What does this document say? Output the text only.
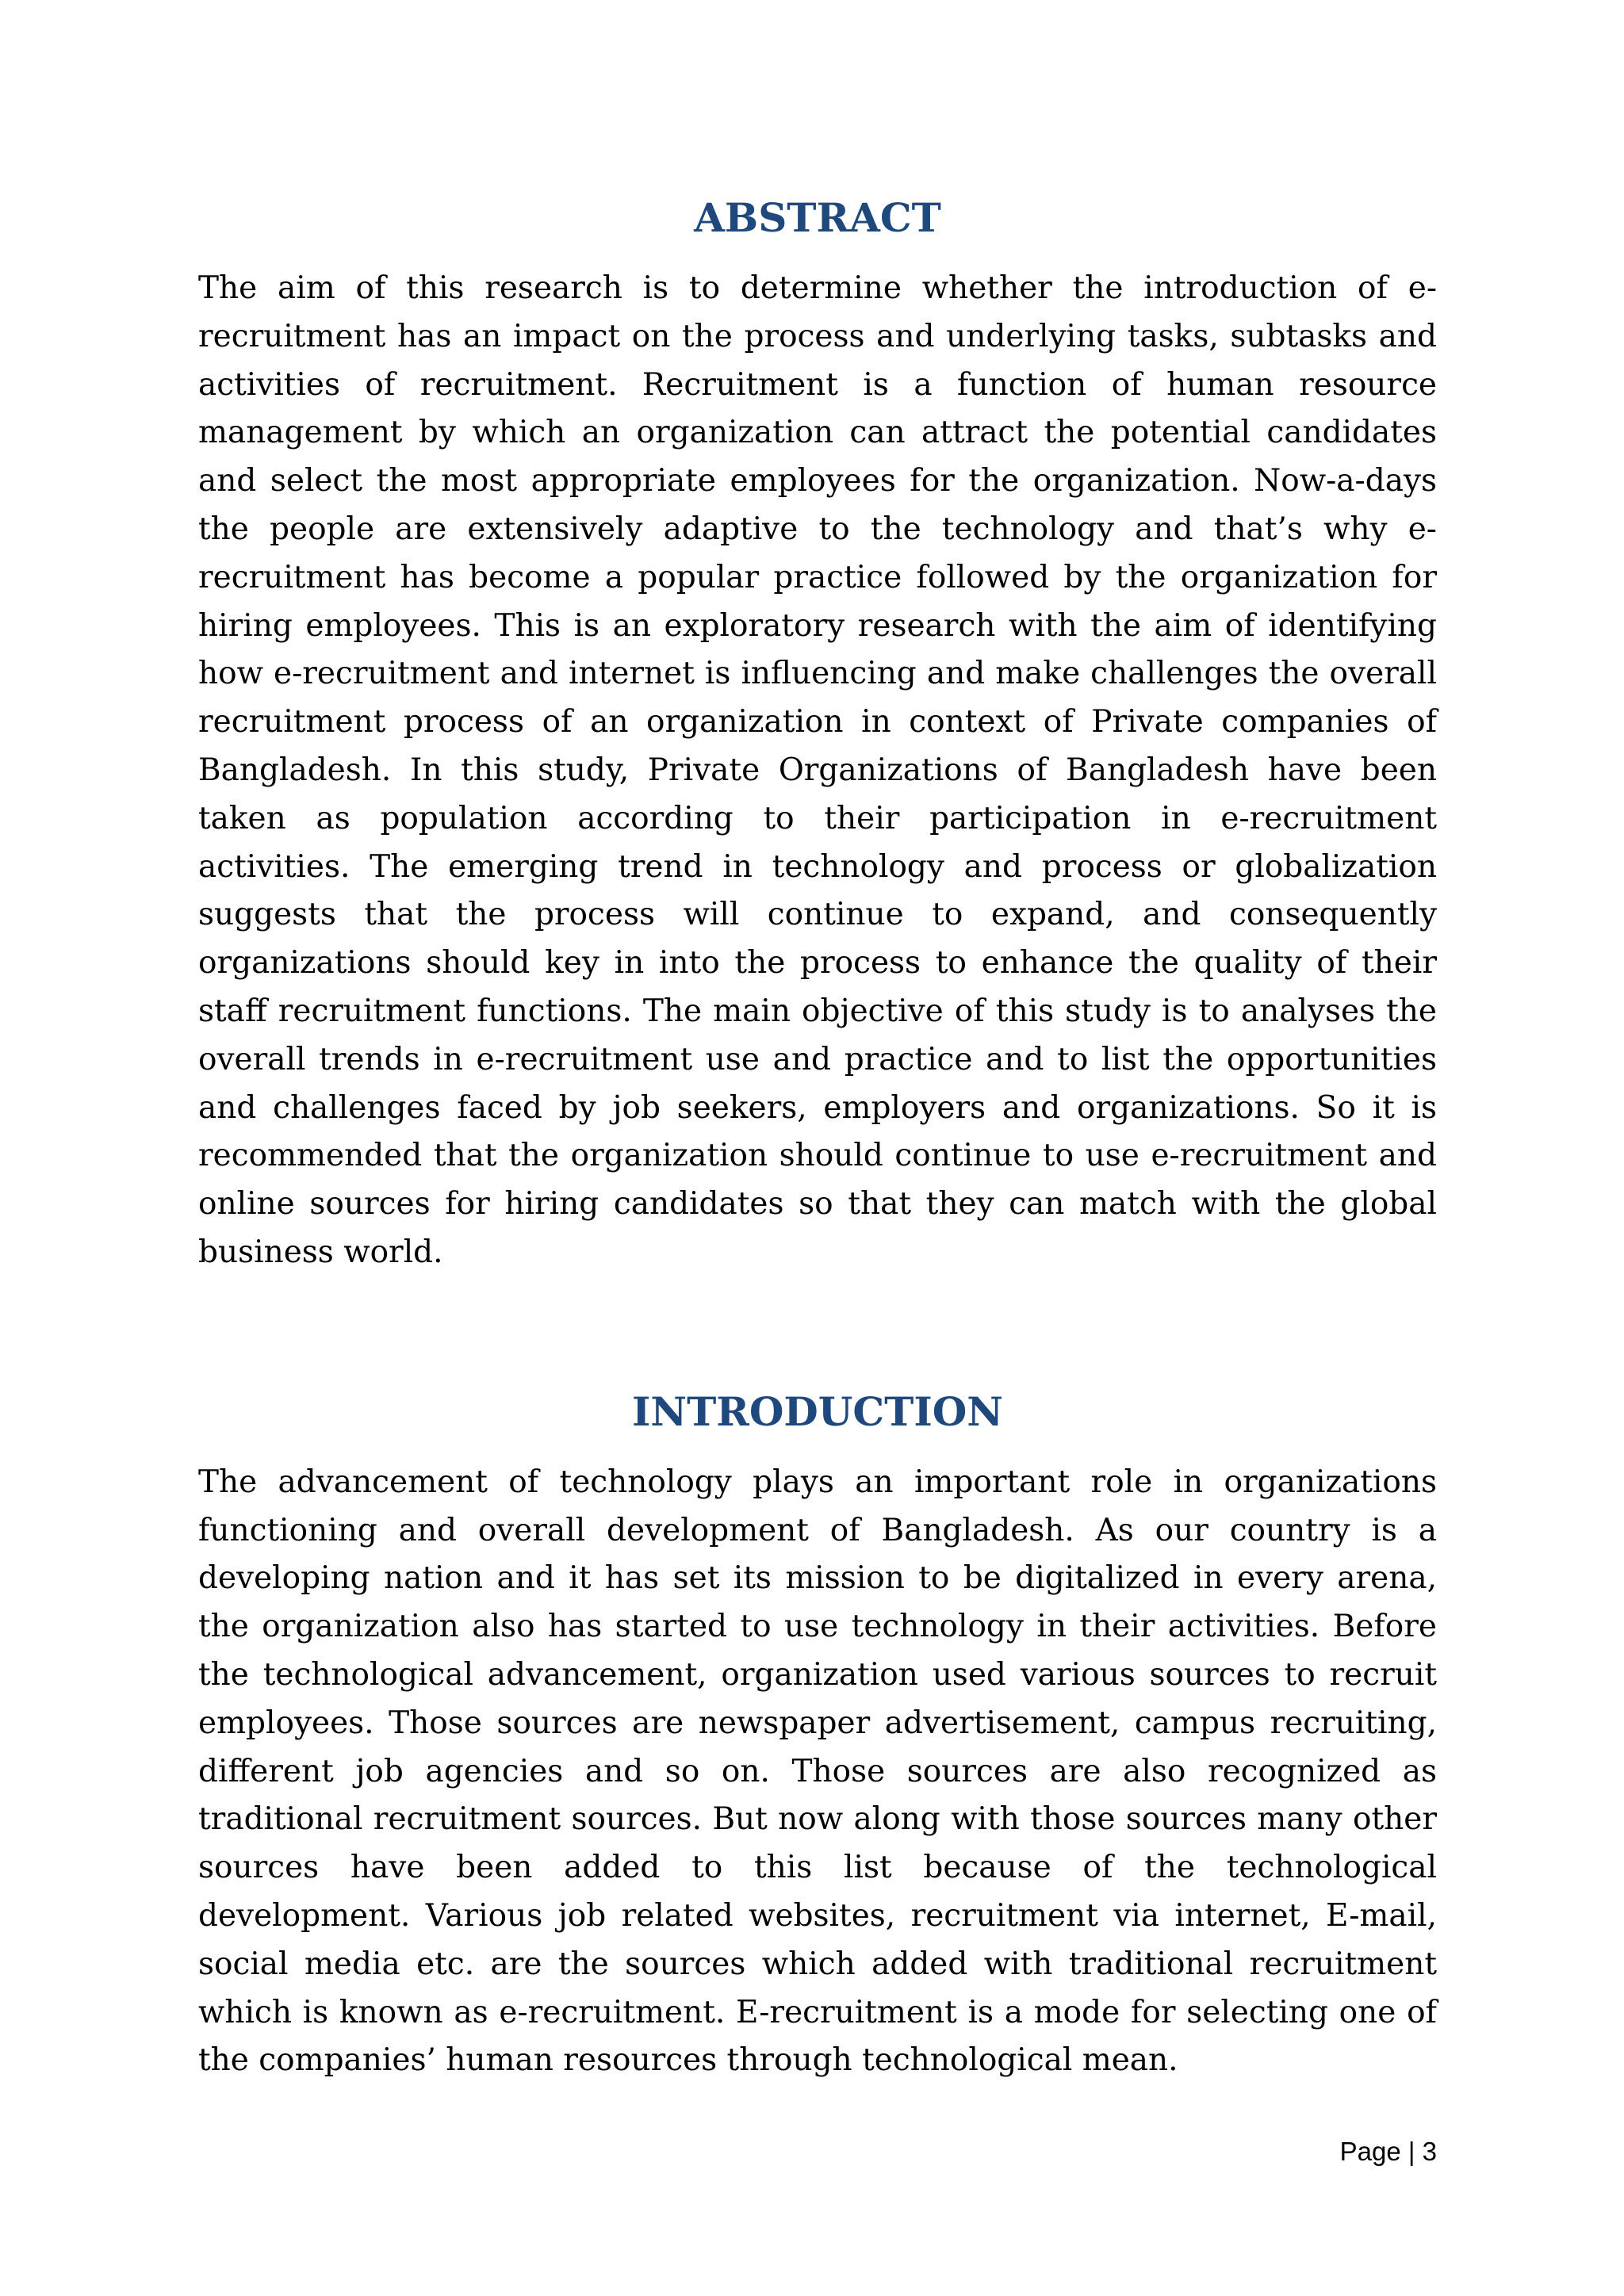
ABSTRACT

The aim of this research is to determine whether the introduction of e-recruitment has an impact on the process and underlying tasks, subtasks and activities of recruitment. Recruitment is a function of human resource management by which an organization can attract the potential candidates and select the most appropriate employees for the organization. Now-a-days the people are extensively adaptive to the technology and that’s why e-recruitment has become a popular practice followed by the organization for hiring employees. This is an exploratory research with the aim of identifying how e-recruitment and internet is influencing and make challenges the overall recruitment process of an organization in context of Private companies of Bangladesh. In this study, Private Organizations of Bangladesh have been taken as population according to their participation in e-recruitment activities. The emerging trend in technology and process or globalization suggests that the process will continue to expand, and consequently organizations should key in into the process to enhance the quality of their staff recruitment functions. The main objective of this study is to analyses the overall trends in e-recruitment use and practice and to list the opportunities and challenges faced by job seekers, employers and organizations. So it is recommended that the organization should continue to use e-recruitment and online sources for hiring candidates so that they can match with the global business world.

INTRODUCTION

The advancement of technology plays an important role in organizations functioning and overall development of Bangladesh. As our country is a developing nation and it has set its mission to be digitalized in every arena, the organization also has started to use technology in their activities. Before the technological advancement, organization used various sources to recruit employees. Those sources are newspaper advertisement, campus recruiting, different job agencies and so on. Those sources are also recognized as traditional recruitment sources. But now along with those sources many other sources have been added to this list because of the technological development. Various job related websites, recruitment via internet, E-mail, social media etc. are the sources which added with traditional recruitment which is known as e-recruitment. E-recruitment is a mode for selecting one of the companies’ human resources through technological mean.

Page | 3
